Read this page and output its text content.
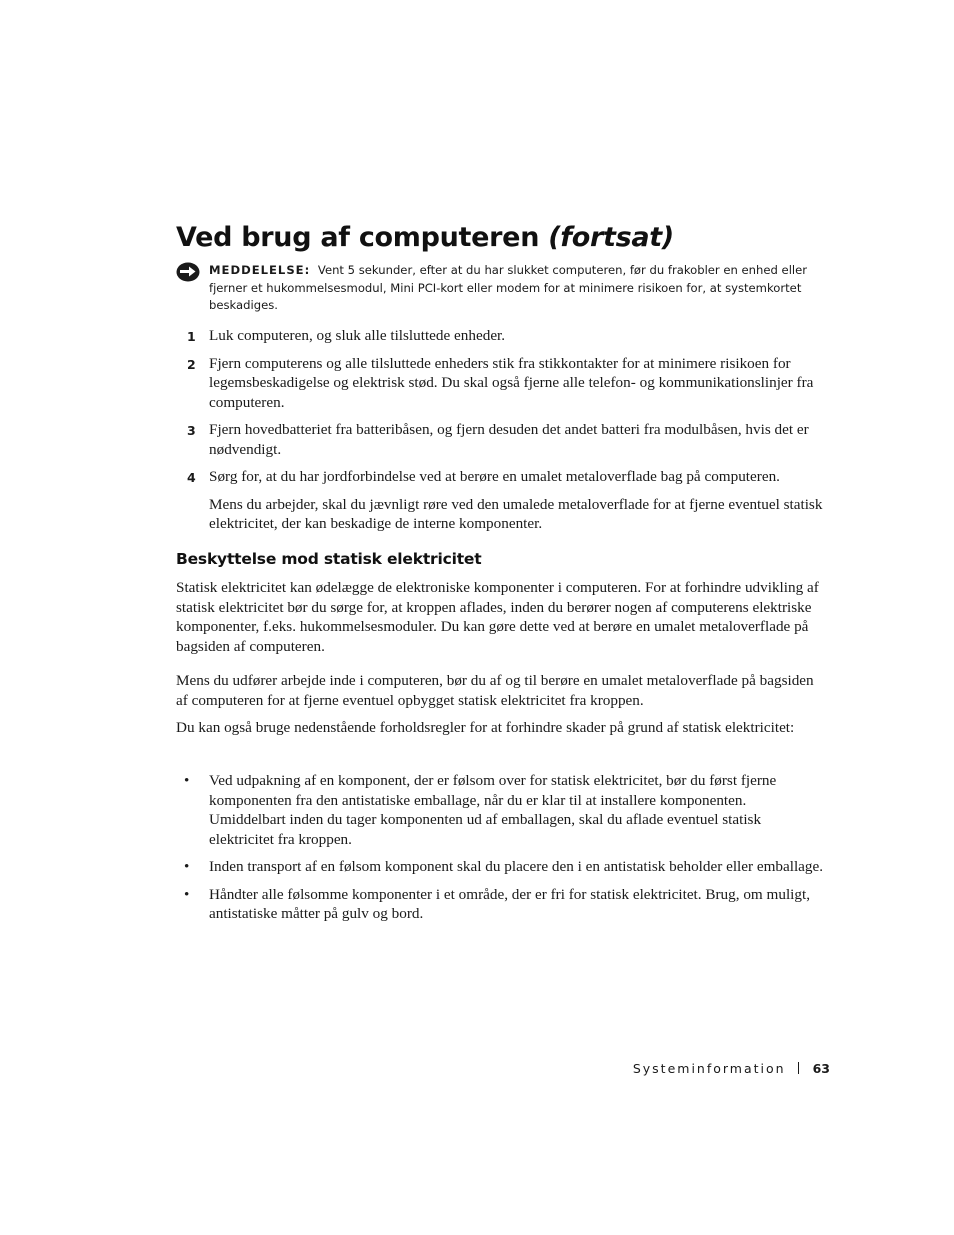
Ved brug af computeren (fortsat)
MEDDELELSE: Vent 5 sekunder, efter at du har slukket computeren, før du frakobler en enhed eller fjerner et hukommelsesmodul, Mini PCI-kort eller modem for at minimere risikoen for, at systemkortet beskadiges.
1 Luk computeren, og sluk alle tilsluttede enheder.
2 Fjern computerens og alle tilsluttede enheders stik fra stikkontakter for at minimere risikoen for legemsbeskadigelse og elektrisk stød. Du skal også fjerne alle telefon- og kommunikationslinjer fra computeren.
3 Fjern hovedbatteriet fra batteribåsen, og fjern desuden det andet batteri fra modulbåsen, hvis det er nødvendigt.
4 Sørg for, at du har jordforbindelse ved at berøre en umalet metaloverflade bag på computeren.

Mens du arbejder, skal du jævnligt røre ved den umalede metaloverflade for at fjerne eventuel statisk elektricitet, der kan beskadige de interne komponenter.

Beskyttelse mod statisk elektricitet

Statisk elektricitet kan ødelægge de elektroniske komponenter i computeren. For at forhindre udvikling af statisk elektricitet bør du sørge for, at kroppen aflades, inden du berører nogen af computerens elektriske komponenter, f.eks. hukommelsesmoduler. Du kan gøre dette ved at berøre en umalet metaloverflade på bagsiden af computeren.

Mens du udfører arbejde inde i computeren, bør du af og til berøre en umalet metaloverflade på bagsiden af computeren for at fjerne eventuel opbygget statisk elektricitet fra kroppen.

Du kan også bruge nedenstående forholdsregler for at forhindre skader på grund af statisk elektricitet:

• Ved udpakning af en komponent, der er følsom over for statisk elektricitet, bør du først fjerne komponenten fra den antistatiske emballage, når du er klar til at installere komponenten. Umiddelbart inden du tager komponenten ud af emballagen, skal du aflade eventuel statisk elektricitet fra kroppen.
• Inden transport af en følsom komponent skal du placere den i en antistatisk beholder eller emballage.
• Håndter alle følsomme komponenter i et område, der er fri for statisk elektricitet. Brug, om muligt, antistatiske måtter på gulv og bord.
Systeminformation 63
